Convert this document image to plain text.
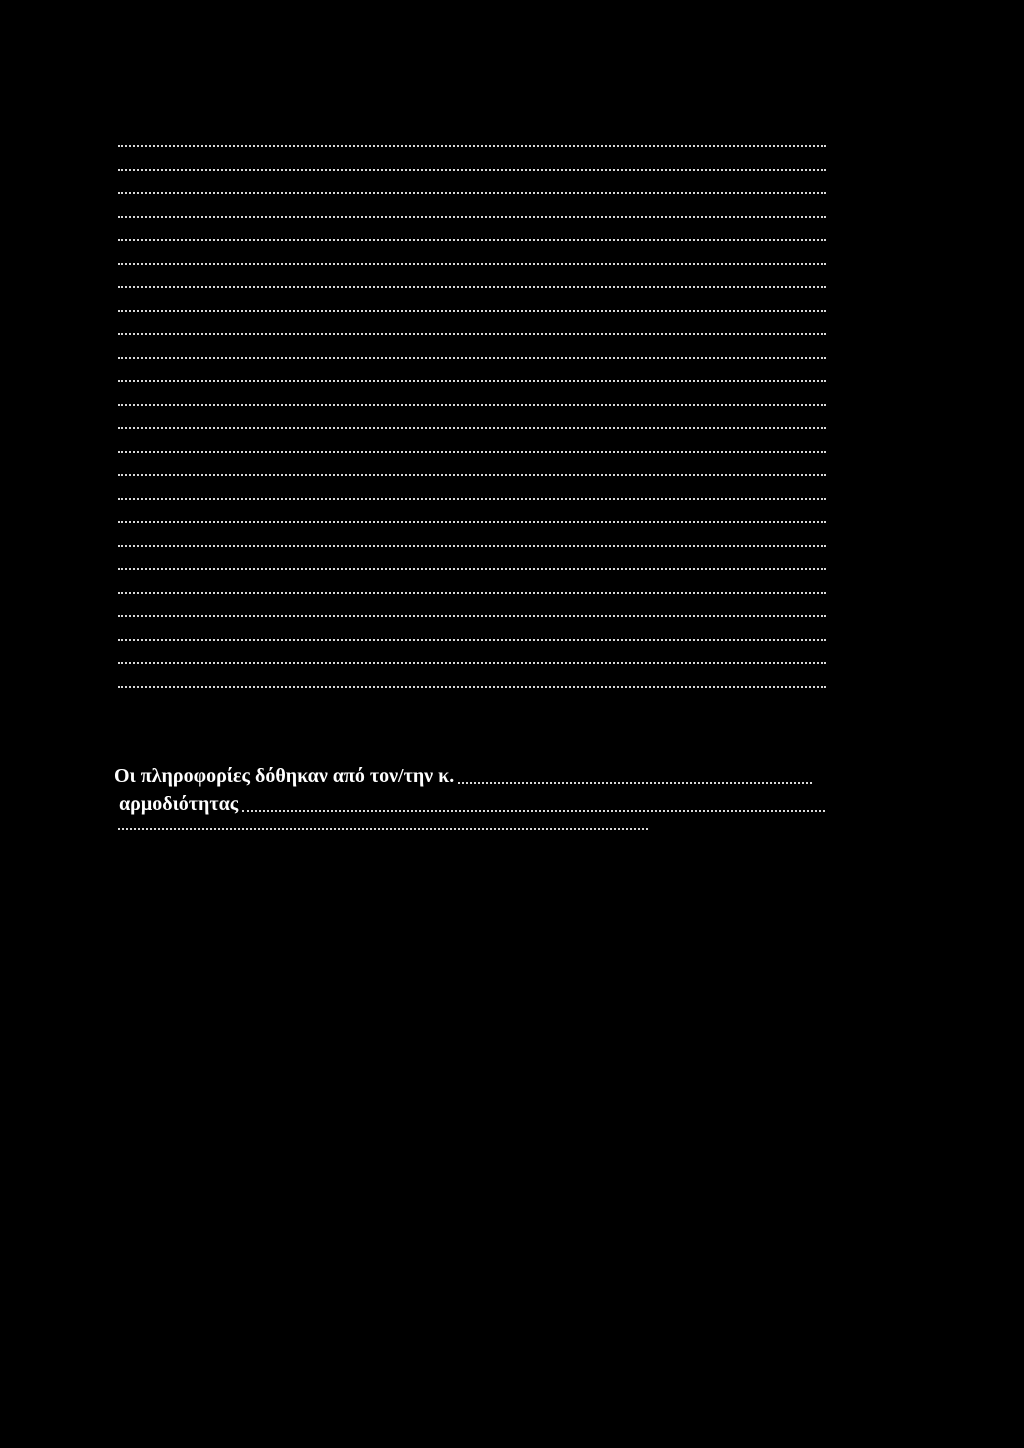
Οι πληροφορίες δόθηκαν από τον/την κ.
αρμοδιότητας
